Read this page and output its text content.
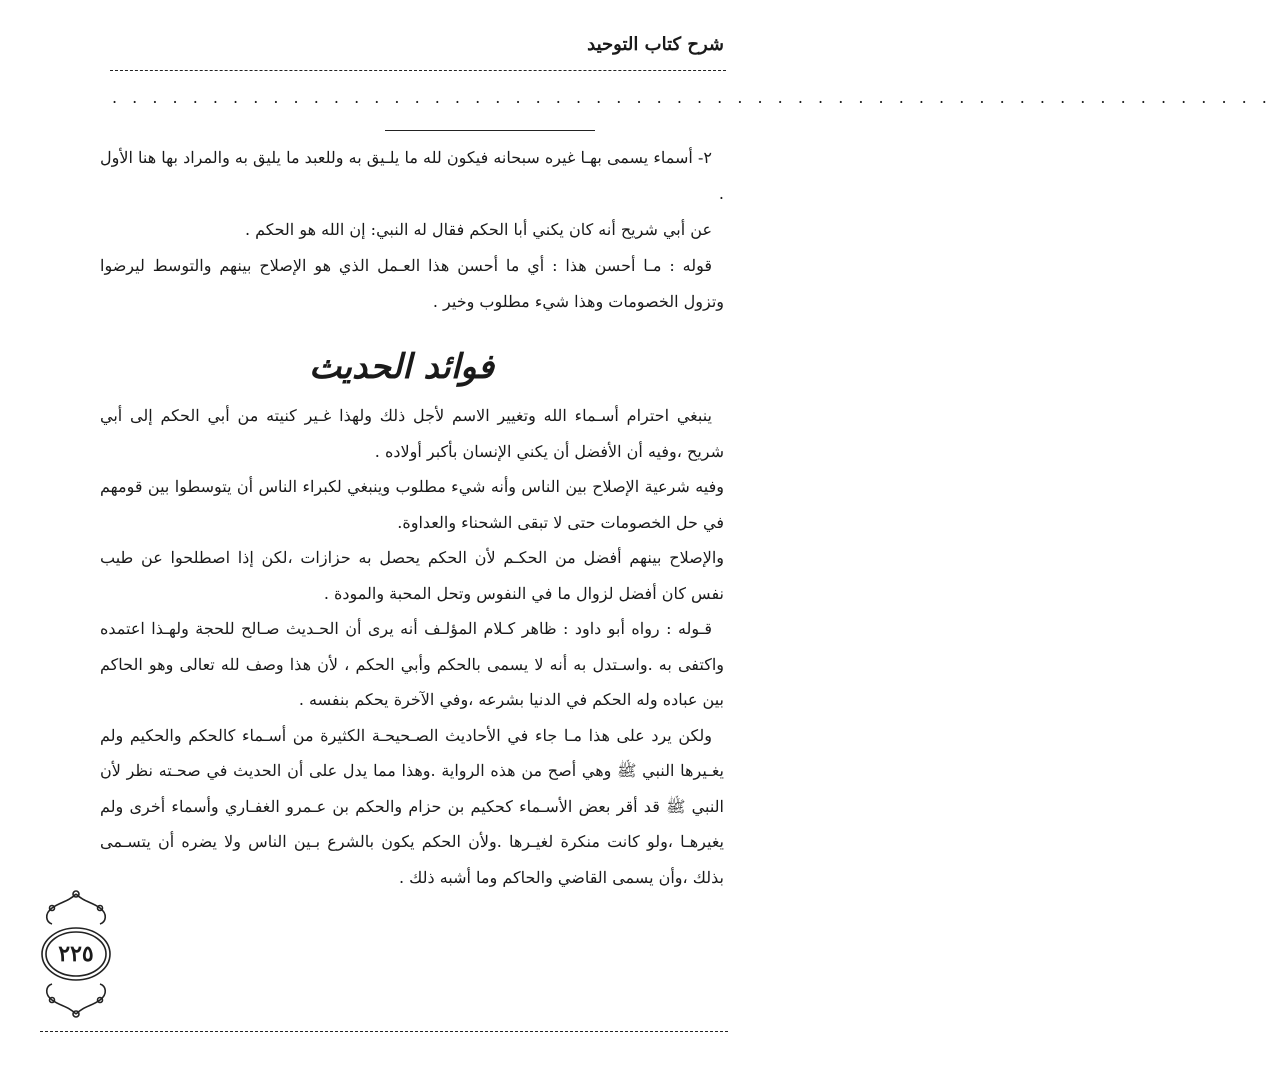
شرح كتاب التوحيد
. . . . . . . . . . . . . . . . . . . . . . . . . . . . . . . . . . . . . . . . . . . . . . . . . . . . . . . . . .

٢- أسماء يسمى بهـا غيره سبحانه فيكون لله ما يلـيق به وللعبد ما يليق به والمراد بها هنا الأول .

عن أبي شريح أنه كان يكني أبا الحكم فقال له النبي: إن الله هو الحكم .

قوله : مـا أحسن هذا : أي ما أحسن هذا العـمل الذي هو الإصلاح بينهم والتوسط ليرضوا وتزول الخصومات وهذا شيء مطلوب وخير .

فوائد الحديث

ينبغي احترام أسـماء الله وتغيير الاسم لأجل ذلك ولهذا غـير كنيته من أبي الحكم إلى أبي شريح ،وفيه أن الأفضل أن يكني الإنسان بأكبر أولاده .

وفيه شرعية الإصلاح بين الناس وأنه شيء مطلوب وينبغي لكبراء الناس أن يتوسطوا بين قومهم في حل الخصومات حتى لا تبقى الشحناء والعداوة.

والإصلاح بينهم أفضل من الحكـم لأن الحكم يحصل به حزازات ،لكن إذا اصطلحوا عن طيب نفس كان أفضل لزوال ما في النفوس وتحل المحبة والمودة .

قـوله : رواه أبو داود : ظاهر كـلام المؤلـف أنه يرى أن الحـديث صـالح للحجة ولهـذا اعتمده واكتفى به .واسـتدل به أنه لا يسمى بالحكم وأبي الحكم ، لأن هذا وصف لله تعالى وهو الحاكم بين عباده وله الحكم في الدنيا بشرعه ،وفي الآخرة يحكم بنفسه .

ولكن يرد على هذا مـا جاء في الأحاديث الصـحيحـة الكثيرة من أسـماء كالحكم والحكيم ولم يغـيرها النبي ﷺ وهي أصح من هذه الرواية .وهذا مما يدل على أن الحديث في صحـته نظر لأن النبي ﷺ قد أقر بعض الأسـماء كحكيم بن حزام والحكم بن عـمرو الغفـاري وأسماء أخرى ولم يغيرهـا ،ولو كانت منكرة لغيـرها .ولأن الحكم يكون بالشرع بـين الناس ولا يضره أن يتسـمى بذلك ،وأن يسمى القاضي والحاكم وما أشبه ذلك .

٢٢٥
